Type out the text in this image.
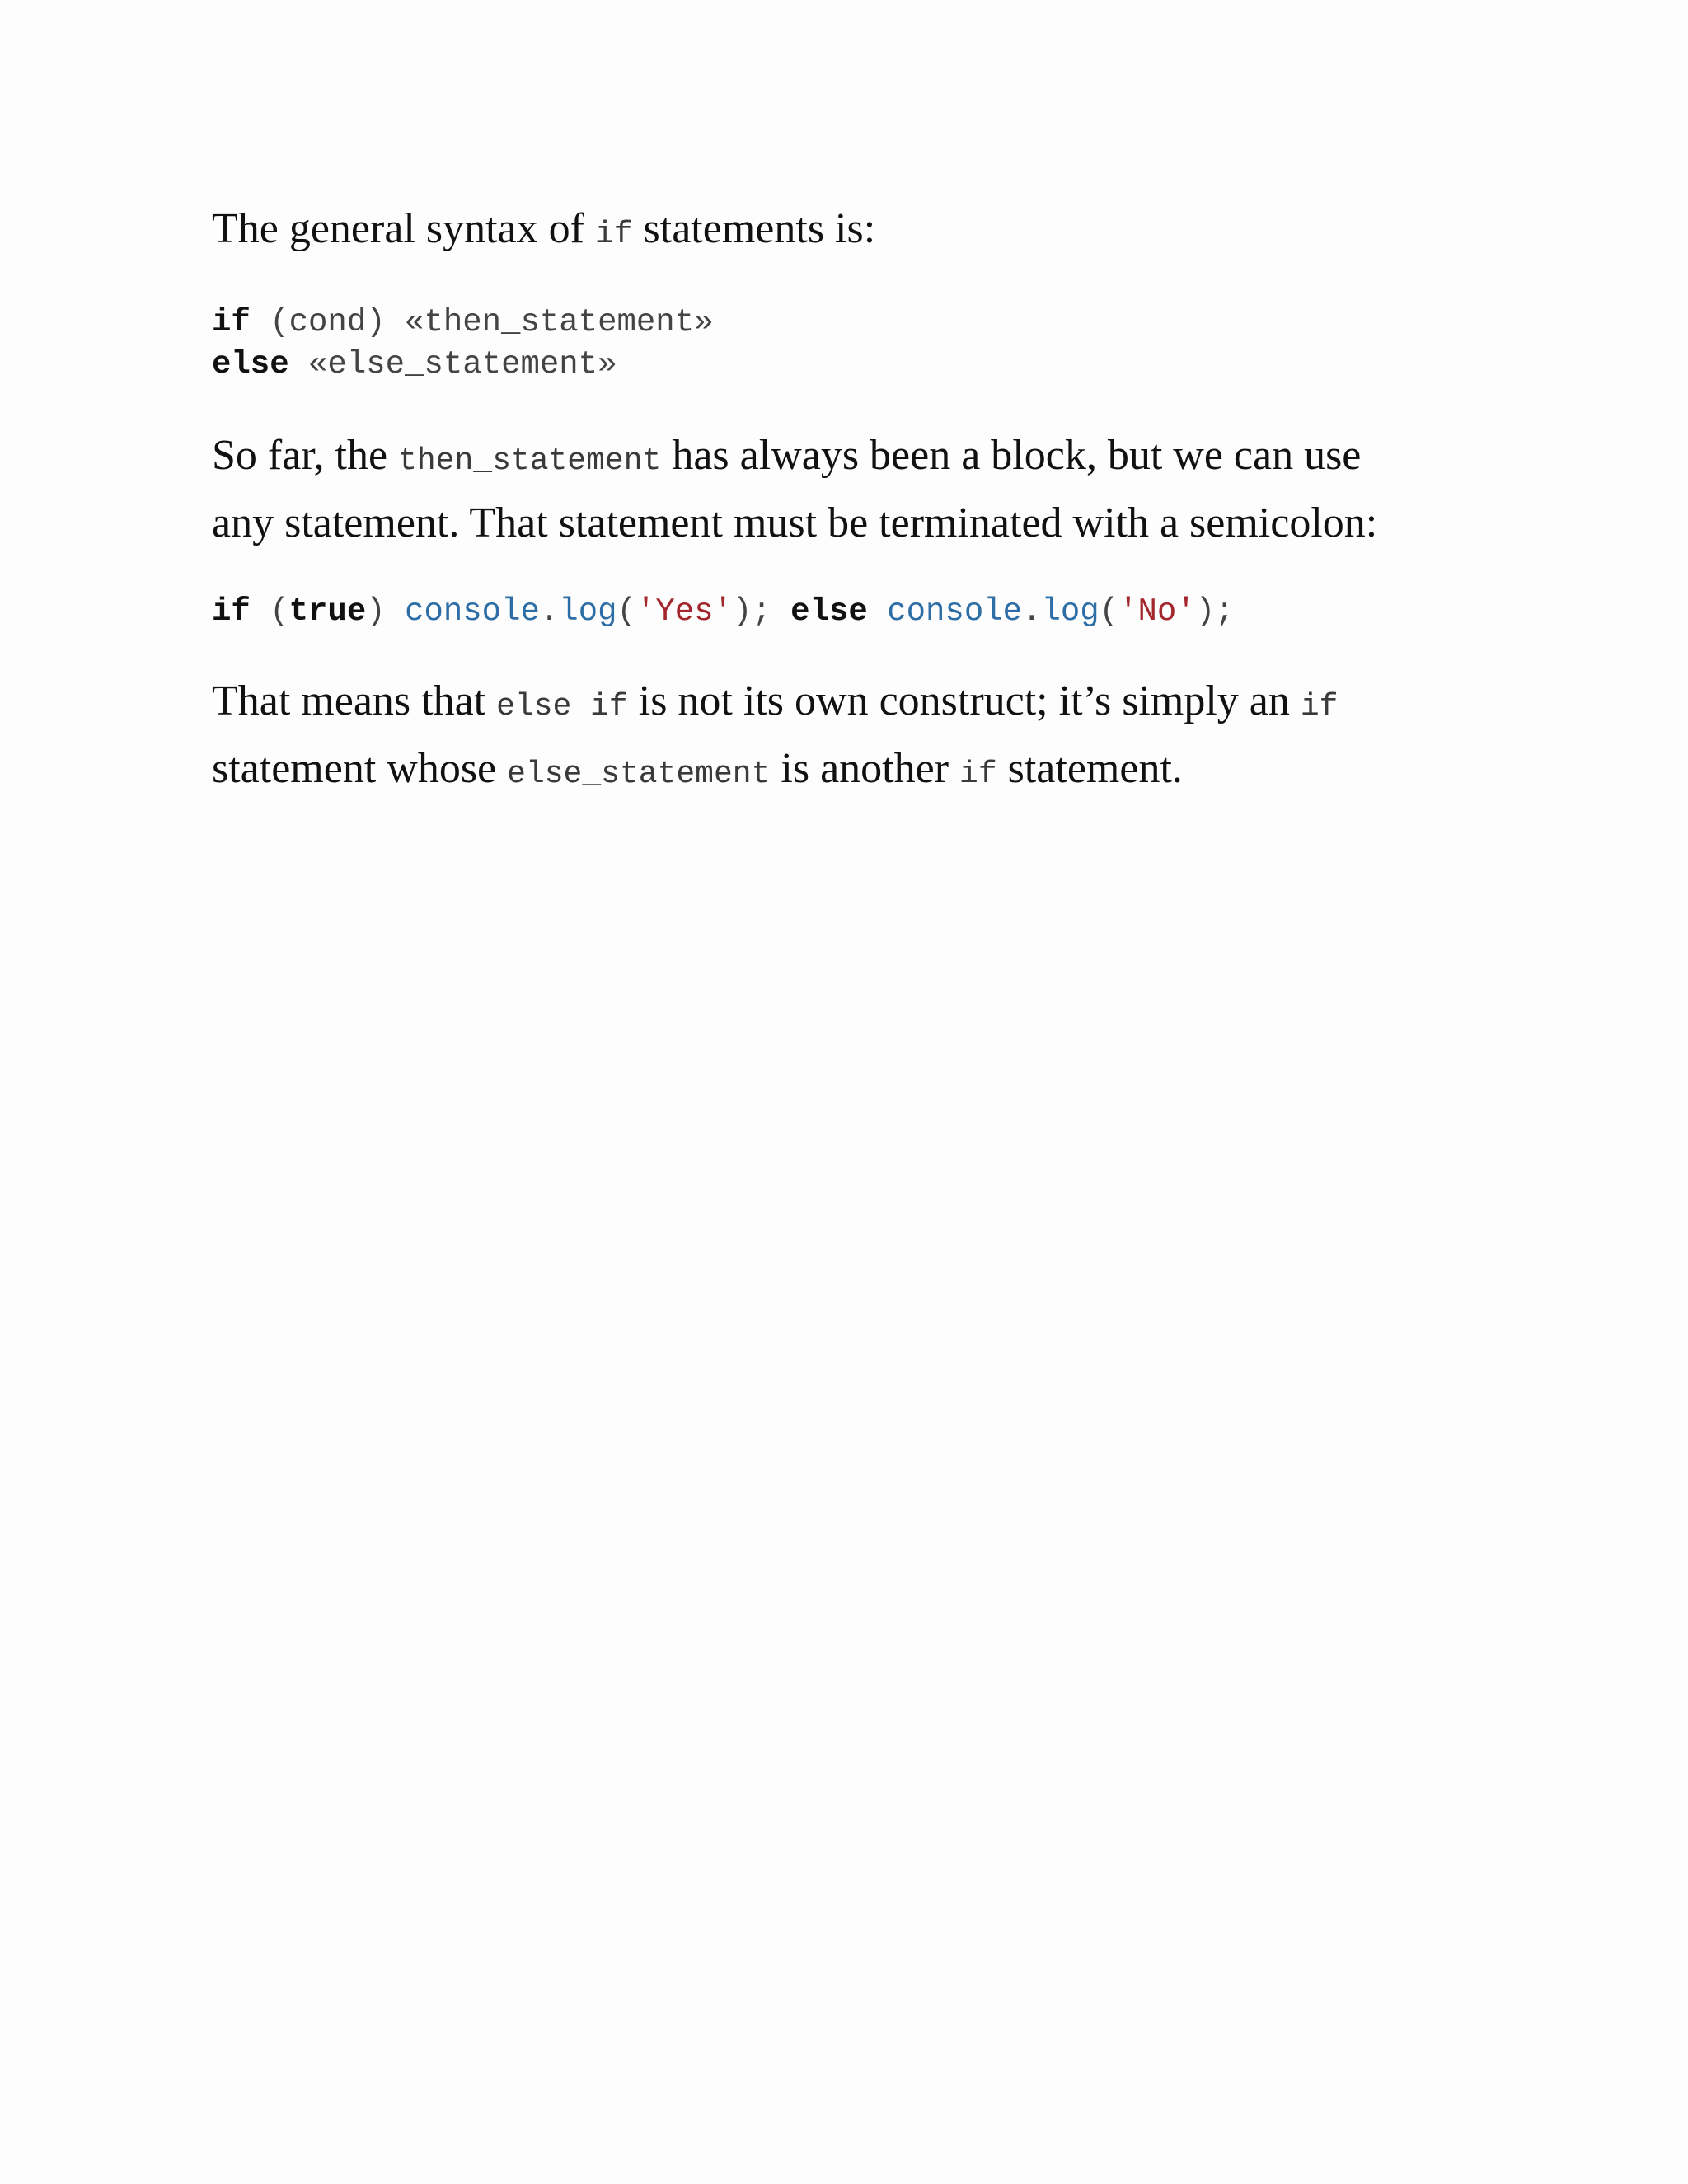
The general syntax of if statements is:

if (cond) «then_statement»
else «else_statement»

So far, the then_statement has always been a block, but we can use

any statement. That statement must be terminated with a semicolon:

if (true) console.log('Yes'); else console.log('No');

That means that else if is not its own construct; it’s simply an if

statement whose else_statement is another if statement.
